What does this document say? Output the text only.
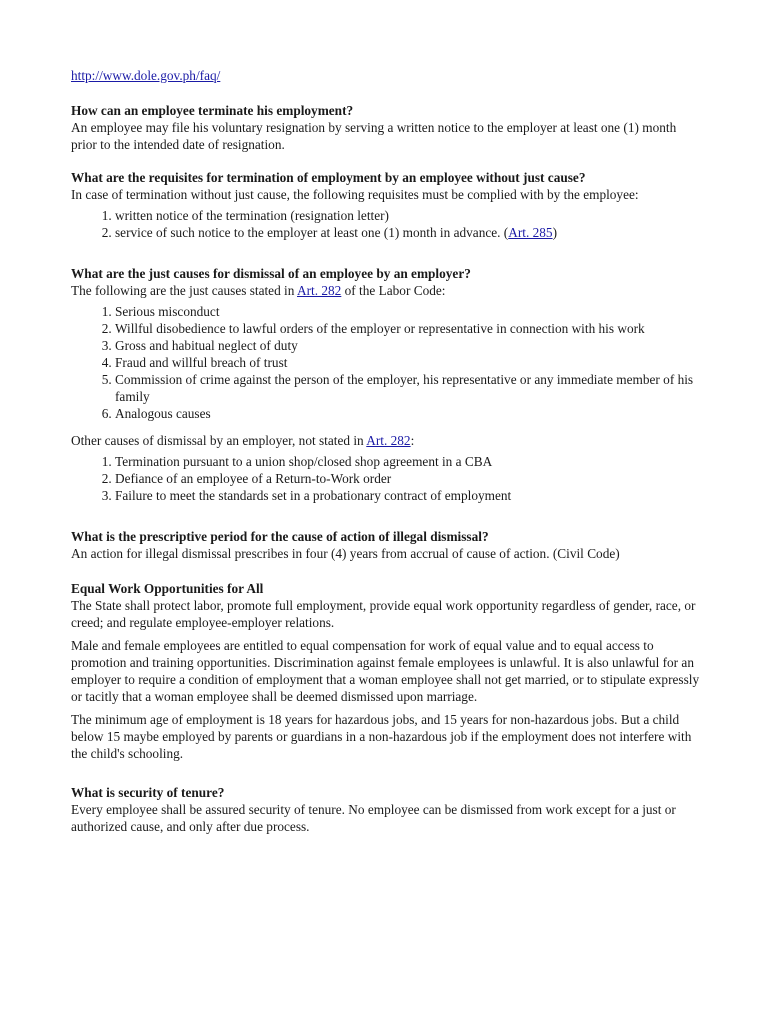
http://www.dole.gov.ph/faq/

How can an employee terminate his employment?

An employee may file his voluntary resignation by serving a written notice to the employer at least one (1) month prior to the intended date of resignation.

What are the requisites for termination of employment by an employee without just cause?

In case of termination without just cause, the following requisites must be complied with by the employee:

1. written notice of the termination (resignation letter)
2. service of such notice to the employer at least one (1) month in advance. (Art. 285)

What are the just causes for dismissal of an employee by an employer?

The following are the just causes stated in Art. 282 of the Labor Code:

1. Serious misconduct
2. Willful disobedience to lawful orders of the employer or representative in connection with his work
3. Gross and habitual neglect of duty
4. Fraud and willful breach of trust
5. Commission of crime against the person of the employer, his representative or any immediate member of his family
6. Analogous causes

Other causes of dismissal by an employer, not stated in Art. 282:

1. Termination pursuant to a union shop/closed shop agreement in a CBA
2. Defiance of an employee of a Return-to-Work order
3. Failure to meet the standards set in a probationary contract of employment

What is the prescriptive period for the cause of action of illegal dismissal?

An action for illegal dismissal prescribes in four (4) years from accrual of cause of action. (Civil Code)

Equal Work Opportunities for All

The State shall protect labor, promote full employment, provide equal work opportunity regardless of gender, race, or creed; and regulate employee-employer relations.

Male and female employees are entitled to equal compensation for work of equal value and to equal access to promotion and training opportunities. Discrimination against female employees is unlawful. It is also unlawful for an employer to require a condition of employment that a woman employee shall not get married, or to stipulate expressly or tacitly that a woman employee shall be deemed dismissed upon marriage.

The minimum age of employment is 18 years for hazardous jobs, and 15 years for non-hazardous jobs. But a child below 15 maybe employed by parents or guardians in a non-hazardous job if the employment does not interfere with the child's schooling.

What is security of tenure?

Every employee shall be assured security of tenure. No employee can be dismissed from work except for a just or authorized cause, and only after due process.
